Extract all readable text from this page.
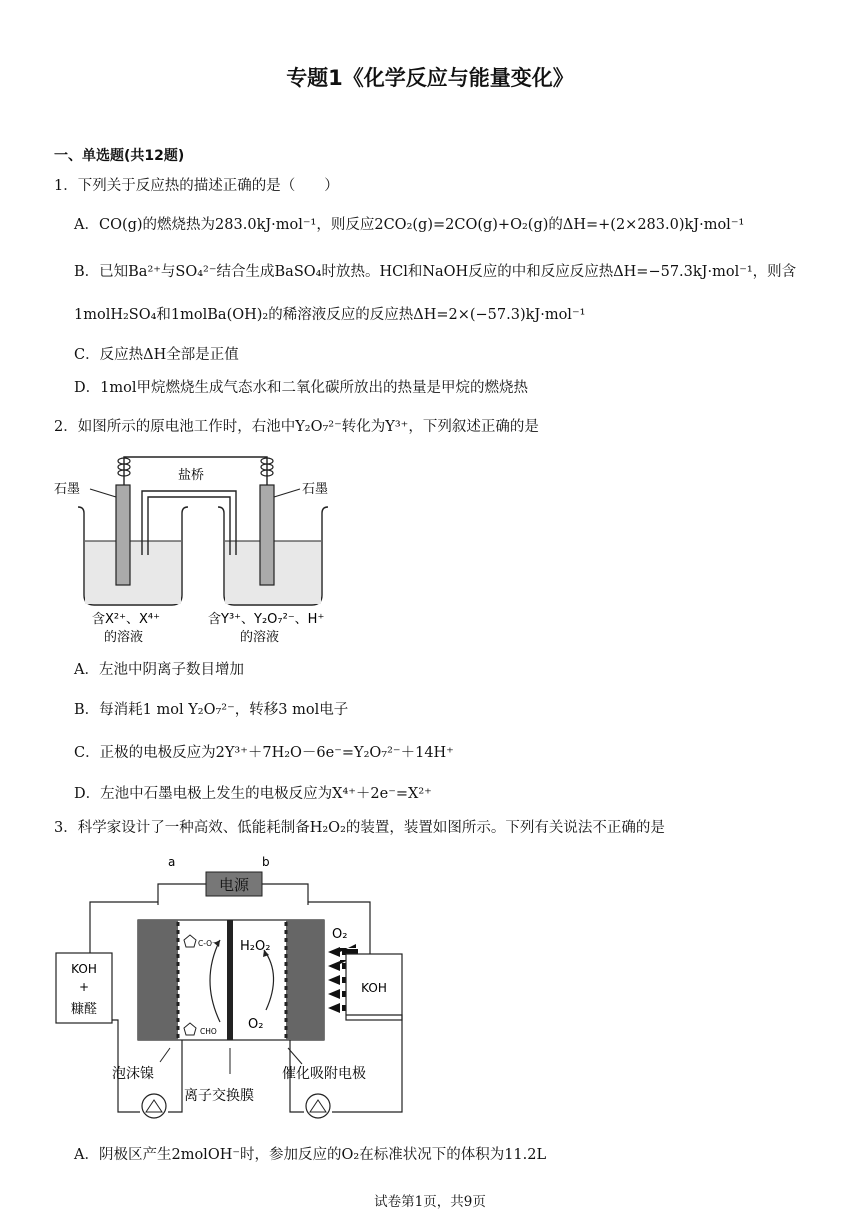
专题1《化学反应与能量变化》
一、单选题(共12题)
1．下列关于反应热的描述正确的是（　　）
A．CO(g)的燃烧热为283.0kJ·mol⁻¹，则反应2CO₂(g)=2CO(g)+O₂(g)的ΔH=+(2×283.0)kJ·mol⁻¹
B．已知Ba²⁺与SO₄²⁻结合生成BaSO₄时放热。HCl和NaOH反应的中和反应反应热ΔH=−57.3kJ·mol⁻¹，则含
1molH₂SO₄和1molBa(OH)₂的稀溶液反应的反应热ΔH=2×(−57.3)kJ·mol⁻¹
C．反应热ΔH全部是正值
D．1mol甲烷燃烧生成气态水和二氧化碳所放出的热量是甲烷的燃烧热
2．如图所示的原电池工作时，右池中Y₂O₇²⁻转化为Y³⁺，下列叙述正确的是
盐桥
石墨	石墨
含X²⁺、X⁴⁺
的溶液
含Y³⁺、Y₂O₇²⁻、H⁺
的溶液
A．左池中阴离子数目增加
B．每消耗1 mol Y₂O₇²⁻，转移3 mol电子
C．正极的电极反应为2Y³⁺＋7H₂O－6e⁻=Y₂O₇²⁻＋14H⁺
D．左池中石墨电极上发生的电极反应为X⁴⁺＋2e⁻=X²⁺
3．科学家设计了一种高效、低能耗制备H₂O₂的装置，装置如图所示。下列有关说法不正确的是
a	b
电源
C-O⁻
CHO
H₂O₂
O₂
O₂
KOH
+
糠醛
KOH
泡沫镍
离子交换膜
催化吸附电极
A．阴极区产生2molOH⁻时，参加反应的O₂在标准状况下的体积为11.2L
试卷第1页，共9页
